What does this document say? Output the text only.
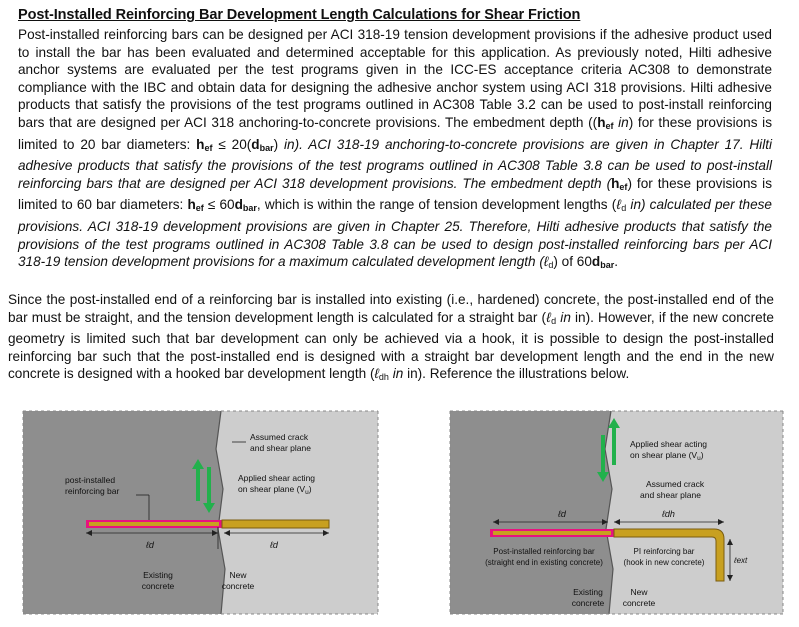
Post-Installed Reinforcing Bar Development Length Calculations for Shear Friction
Post-installed reinforcing bars can be designed per ACI 318-19 tension development provisions if the adhesive product used to install the bar has been evaluated and determined acceptable for this application. As previously noted, Hilti adhesive anchor systems are evaluated per the test programs given in the ICC-ES acceptance criteria AC308 to demonstrate compliance with the IBC and obtain data for designing the adhesive anchor system using ACI 318 provisions. Hilti adhesive products that satisfy the provisions of the test programs outlined in AC308 Table 3.2 can be used to post-install reinforcing bars that are designed per ACI 318 anchoring-to-concrete provisions. The embedment depth (($h_{ef}$ in) for these provisions is limited to 20 bar diameters: $h_{ef} \le 20(d_{bar})$ in). ACI 318-19 anchoring-to-concrete provisions are given in Chapter 17. Hilti adhesive products that satisfy the provisions of the test programs outlined in AC308 Table 3.8 can be used to post-install reinforcing bars that are designed per ACI 318 development provisions. The embedment depth $(h_{ef})$ for these provisions is limited to 60 bar diameters: $h_{ef} \le 60d_{bar}$, which is within the range of tension development lengths (ℓd in) calculated per these provisions. ACI 318-19 development provisions are given in Chapter 25. Therefore, Hilti adhesive products that satisfy the provisions of the test programs outlined in AC308 Table 3.8 can be used to design post-installed reinforcing bars per ACI 318-19 tension development provisions for a maximum calculated development length (ℓd) of $60d_{bar}$.
Since the post-installed end of a reinforcing bar is installed into existing (i.e., hardened) concrete, the post-installed end of the bar must be straight, and the tension development length is calculated for a straight bar (ℓd in in). However, if the new concrete geometry is limited such that bar development can only be achieved via a hook, it is possible to design the post-installed reinforcing bar such that the post-installed end is designed with a straight bar development length and the end in the new concrete is designed with a hooked bar development length (ℓdh in in). Reference the illustrations below.
Assumed crack and shear plane
Applied shear acting on shear plane $(V_u)$
post-installed reinforcing bar
ℓd	ℓd
Existing concrete
New concrete
Applied shear acting on shear plane $(V_u)$
Assumed crack and shear plane
ℓd	ℓdh
ℓext
Post-installed reinforcing bar (straight end in existing concrete)
PI reinforcing bar (hook in new concrete)
Existing concrete
New concrete
